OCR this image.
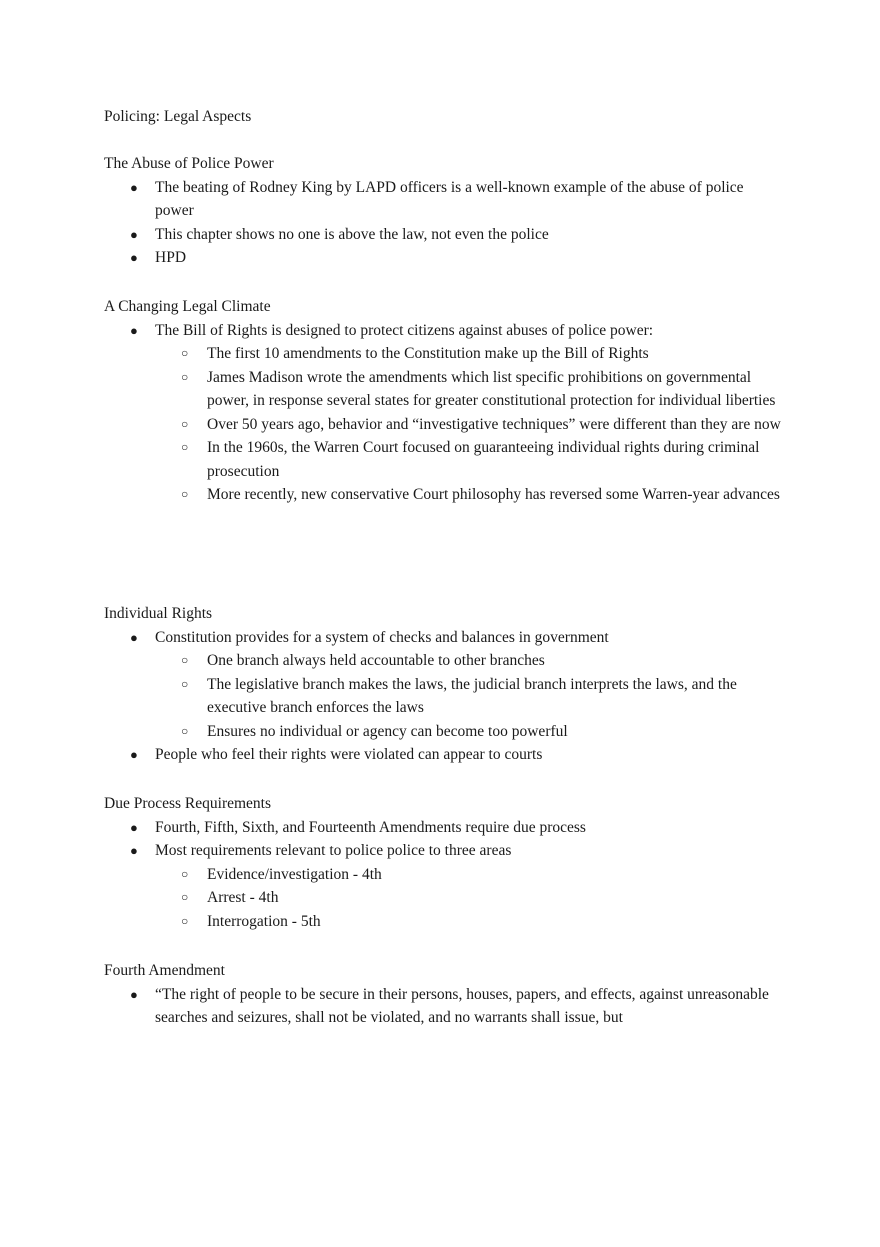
Policing: Legal Aspects
The Abuse of Police Power
● The beating of Rodney King by LAPD officers is a well-known example of the abuse of police power
● This chapter shows no one is above the law, not even the police
● HPD
A Changing Legal Climate
● The Bill of Rights is designed to protect citizens against abuses of police power:
○ The first 10 amendments to the Constitution make up the Bill of Rights
○ James Madison wrote the amendments which list specific prohibitions on governmental power, in response several states for greater constitutional protection for individual liberties
○ Over 50 years ago, behavior and “investigative techniques” were different than they are now
○ In the 1960s, the Warren Court focused on guaranteeing individual rights during criminal prosecution
○ More recently, new conservative Court philosophy has reversed some Warren-year advances
Individual Rights
● Constitution provides for a system of checks and balances in government
○ One branch always held accountable to other branches
○ The legislative branch makes the laws, the judicial branch interprets the laws, and the executive branch enforces the laws
○ Ensures no individual or agency can become too powerful
● People who feel their rights were violated can appear to courts
Due Process Requirements
● Fourth, Fifth, Sixth, and Fourteenth Amendments require due process
● Most requirements relevant to police police to three areas
○ Evidence/investigation - 4th
○ Arrest - 4th
○ Interrogation - 5th
Fourth Amendment
● “The right of people to be secure in their persons, houses, papers, and effects, against unreasonable searches and seizures, shall not be violated, and no warrants shall issue, but
